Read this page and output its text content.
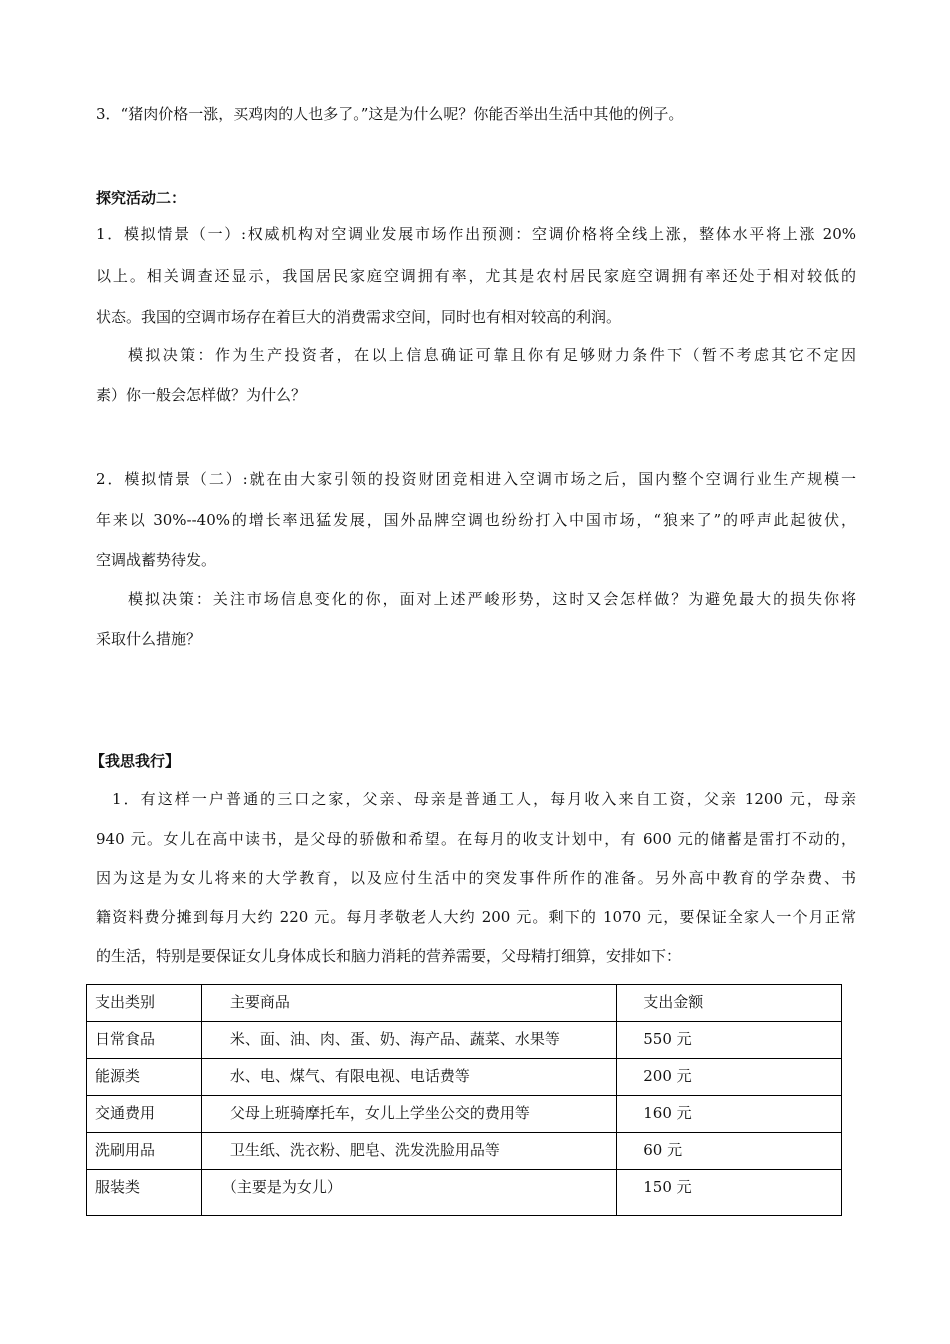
3．“猪肉价格一涨，买鸡肉的人也多了。”这是为什么呢？你能否举出生活中其他的例子。
探究活动二：
1．模拟情景（一）:权威机构对空调业发展市场作出预测：空调价格将全线上涨，整体水平将上涨 20%
以上。相关调查还显示，我国居民家庭空调拥有率，尤其是农村居民家庭空调拥有率还处于相对较低的
状态。我国的空调市场存在着巨大的消费需求空间，同时也有相对较高的利润。
模拟决策：作为生产投资者，在以上信息确证可靠且你有足够财力条件下（暂不考虑其它不定因
素）你一般会怎样做？为什么？
2．模拟情景（二）:就在由大家引领的投资财团竞相进入空调市场之后，国内整个空调行业生产规模一
年来以 30%--40%的增长率迅猛发展，国外品牌空调也纷纷打入中国市场，“狼来了”的呼声此起彼伏，
空调战蓄势待发。
模拟决策：关注市场信息变化的你，面对上述严峻形势，这时又会怎样做？为避免最大的损失你将
采取什么措施？
【我思我行】
1．有这样一户普通的三口之家，父亲、母亲是普通工人，每月收入来自工资，父亲 1200 元，母亲
940 元。女儿在高中读书，是父母的骄傲和希望。在每月的收支计划中，有 600 元的储蓄是雷打不动的，
因为这是为女儿将来的大学教育，以及应付生活中的突发事件所作的准备。另外高中教育的学杂费、书
籍资料费分摊到每月大约 220 元。每月孝敬老人大约 200 元。剩下的 1070 元，要保证全家人一个月正常
的生活，特别是要保证女儿身体成长和脑力消耗的营养需要，父母精打细算，安排如下：
支出类别	主要商品	支出金额
日常食品	米、面、油、肉、蛋、奶、海产品、蔬菜、水果等	550 元
能源类	水、电、煤气、有限电视、电话费等	200 元
交通费用	父母上班骑摩托车，女儿上学坐公交的费用等	160 元
洗刷用品	卫生纸、洗衣粉、肥皂、洗发洗脸用品等	60 元
服装类	（主要是为女儿）	150 元
